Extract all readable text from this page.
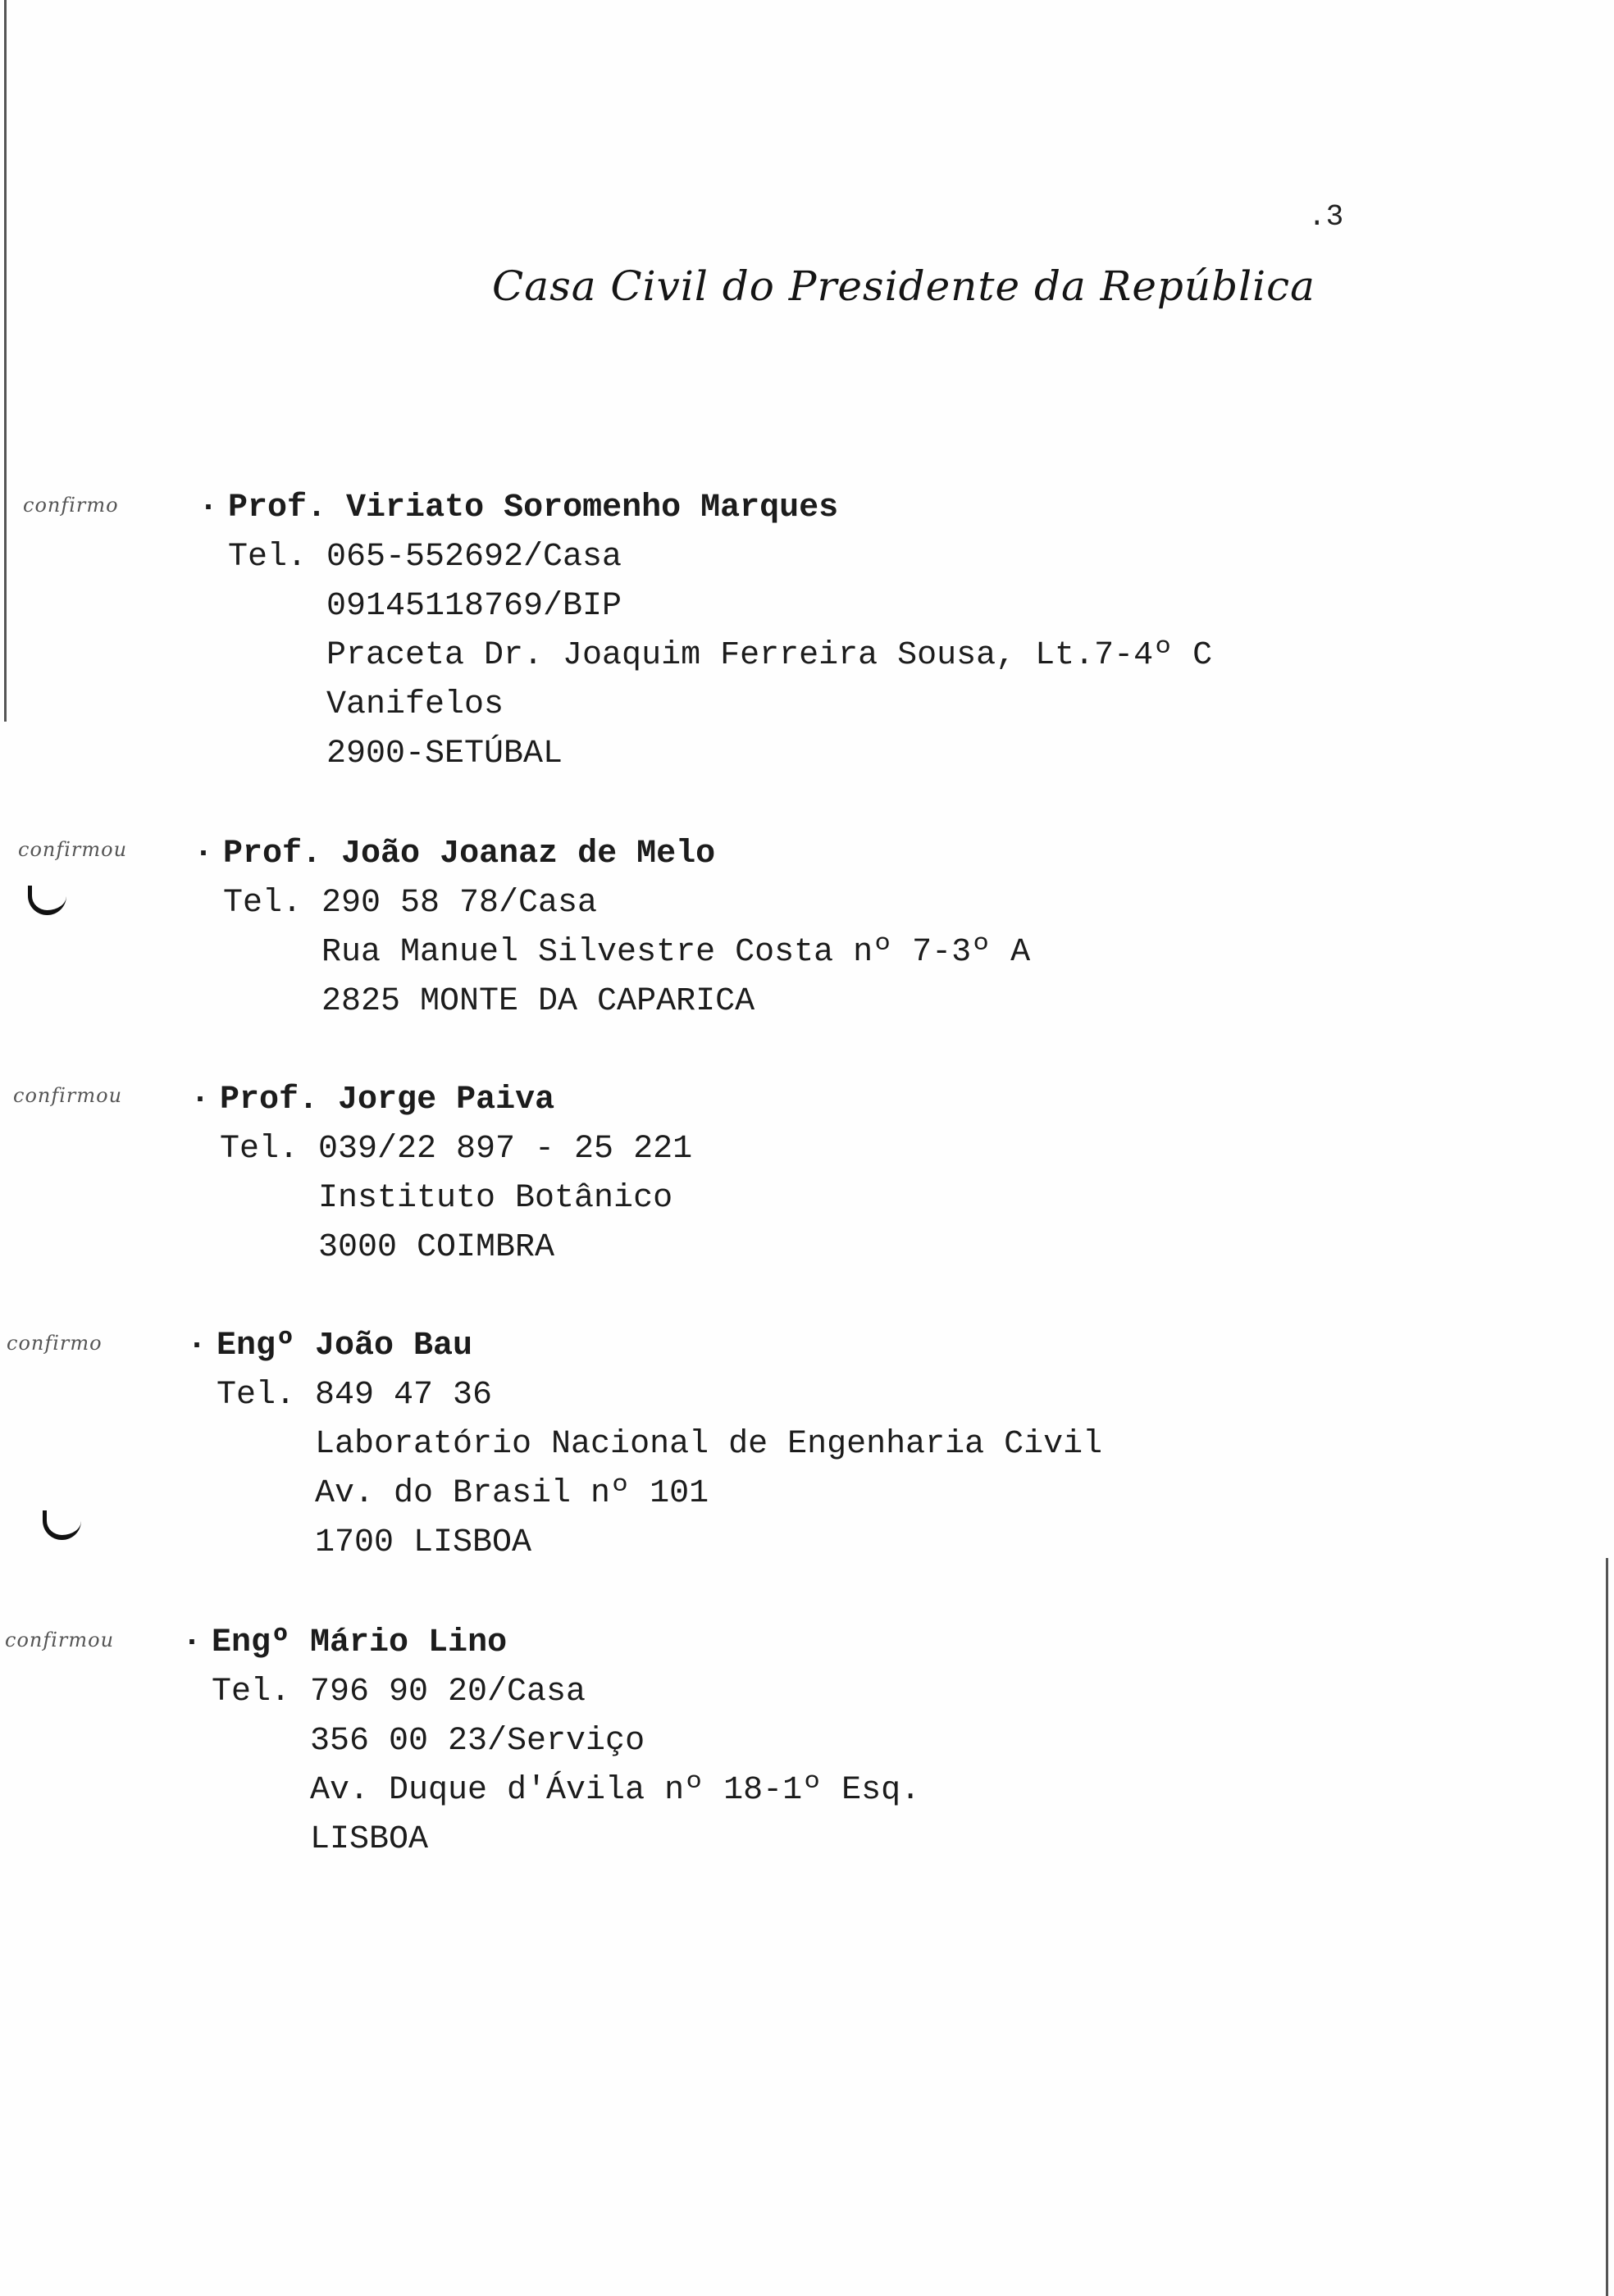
.3
Casa Civil do Presidente da República
confirmo · Prof. Viriato Soromenho Marques
Tel. 065-552692/Casa
09145118769/BIP
Praceta Dr. Joaquim Ferreira Sousa, Lt.7-4º C
Vanifelos
2900-SETÚBAL
confirmou · Prof. João Joanaz de Melo
Tel. 290 58 78/Casa
Rua Manuel Silvestre Costa nº 7-3º A
2825 MONTE DA CAPARICA
confirmou · Prof. Jorge Paiva
Tel. 039/22 897 - 25 221
Instituto Botânico
3000 COIMBRA
confirmo	· Engº João Bau
Tel. 849 47 36
Laboratório Nacional de Engenharia Civil
Av. do Brasil nº 101
1700 LISBOA
confirmou · Engº Mário Lino
Tel. 796 90 20/Casa
356 00 23/Serviço
Av. Duque d'Ávila nº 18-1º Esq.
LISBOA
